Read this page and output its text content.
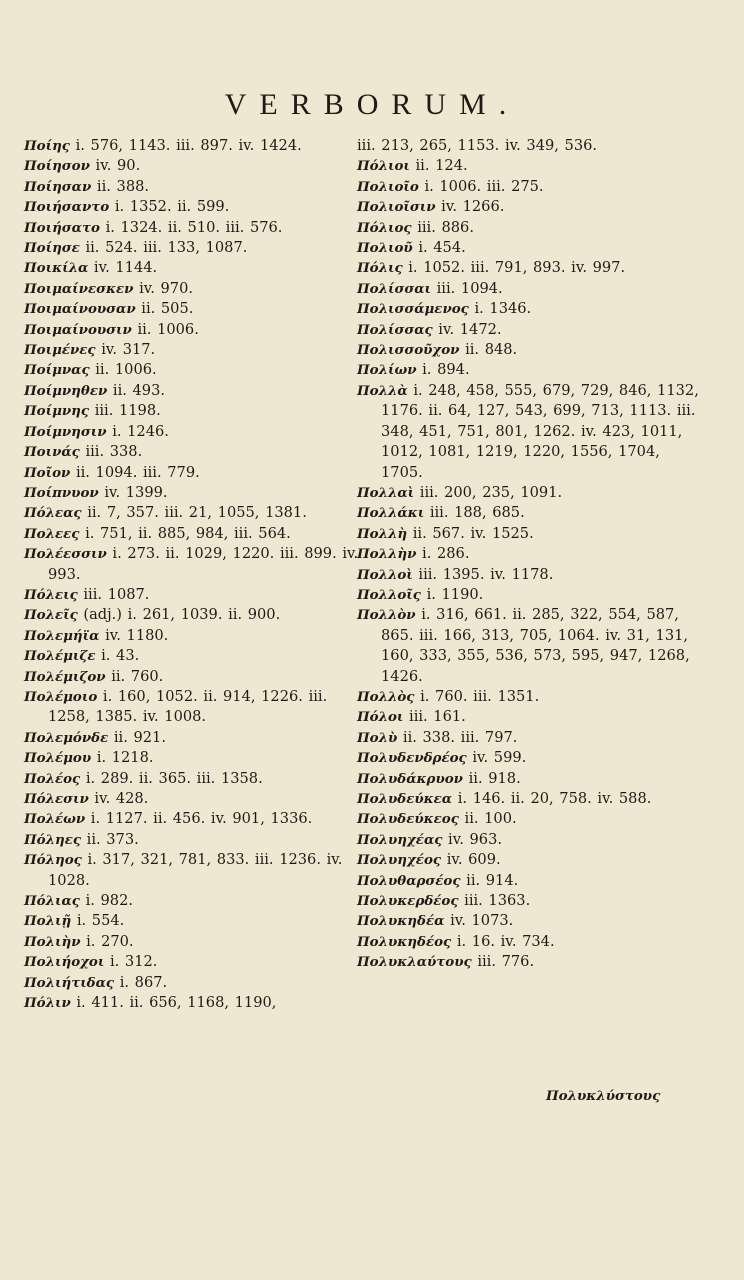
VERBORUM.
Ποίης i. 576, 1143. iii. 897. iv. 1424.
Ποίησον iv. 90.
Ποίησαν ii. 388.
Ποιήσαντο i. 1352. ii. 599.
Ποιήσατο i. 1324. ii. 510. iii. 576.
Ποίησε ii. 524. iii. 133, 1087.
Ποικίλα iv. 1144.
Ποιμαίνεσκεν iv. 970.
Ποιμαίνουσαν ii. 505.
Ποιμαίνουσιν ii. 1006.
Ποιμένες iv. 317.
Ποίμνας ii. 1006.
Ποίμνηθεν ii. 493.
Ποίμνης iii. 1198.
Ποίμνησιν i. 1246.
Ποινάς iii. 338.
Ποῖον ii. 1094. iii. 779.
Ποίπνυον iv. 1399.
Πόλεας ii. 7, 357. iii. 21, 1055, 1381.
Πολεες i. 751, ii. 885, 984, iii. 564.
Πολέεσσιν i. 273. ii. 1029, 1220. iii. 899. iv. 993.
Πόλεις iii. 1087.
Πολεῖς (adj.) i. 261, 1039. ii. 900.
Πολεμήϊα iv. 1180.
Πολέμιζε i. 43.
Πολέμιζον ii. 760.
Πολέμοιο i. 160, 1052. ii. 914, 1226. iii. 1258, 1385. iv. 1008.
Πολεμόνδε ii. 921.
Πολέμου i. 1218.
Πολέος i. 289. ii. 365. iii. 1358.
Πόλεσιν iv. 428.
Πολέων i. 1127. ii. 456. iv. 901, 1336.
Πόληες ii. 373.
Πόληος i. 317, 321, 781, 833. iii. 1236. iv. 1028.
Πόλιας i. 982.
Πολιῇ i. 554.
Πολιὴν i. 270.
Πολιήοχοι i. 312.
Πολιήτιδας i. 867.
Πόλιν i. 411. ii. 656, 1168, 1190,
iii. 213, 265, 1153. iv. 349, 536.
Πόλιοι ii. 124.
Πολιοῖο i. 1006. iii. 275.
Πολιοῖσιν iv. 1266.
Πόλιος iii. 886.
Πολιοῦ i. 454.
Πόλις i. 1052. iii. 791, 893. iv. 997.
Πολίσσαι iii. 1094.
Πολισσάμενος i. 1346.
Πολίσσας iv. 1472.
Πολισσοῦχον ii. 848.
Πολίων i. 894.
Πολλὰ i. 248, 458, 555, 679, 729, 846, 1132, 1176. ii. 64, 127, 543, 699, 713, 1113. iii. 348, 451, 751, 801, 1262. iv. 423, 1011, 1012, 1081, 1219, 1220, 1556, 1704, 1705.
Πολλαὶ iii. 200, 235, 1091.
Πολλάκι iii. 188, 685.
Πολλὴ ii. 567. iv. 1525.
Πολλὴν i. 286.
Πολλοὶ iii. 1395. iv. 1178.
Πολλοῖς i. 1190.
Πολλὸν i. 316, 661. ii. 285, 322, 554, 587, 865. iii. 166, 313, 705, 1064. iv. 31, 131, 160, 333, 355, 536, 573, 595, 947, 1268, 1426.
Πολλὸς i. 760. iii. 1351.
Πόλοι iii. 161.
Πολὺ ii. 338. iii. 797.
Πολυδενδρέος iv. 599.
Πολυδάκρυον ii. 918.
Πολυδεύκεα i. 146. ii. 20, 758. iv. 588.
Πολυδεύκεος ii. 100.
Πολυηχέας iv. 963.
Πολυηχέος iv. 609.
Πολυθαρσέος ii. 914.
Πολυκερδέος iii. 1363.
Πολυκηδέα iv. 1073.
Πολυκηδέος i. 16. iv. 734.
Πολυκλαύτους iii. 776.
Πολυκλύστους
